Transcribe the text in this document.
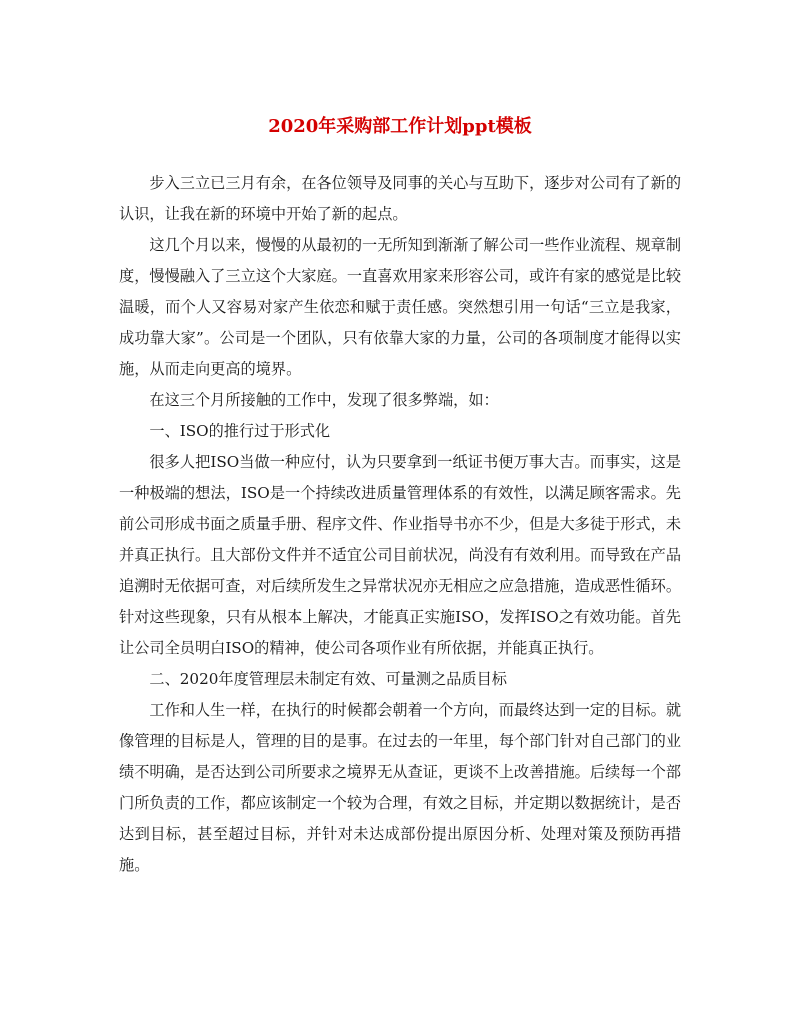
2020年采购部工作计划ppt模板

步入三立已三月有余，在各位领导及同事的关心与互助下，逐步对公司有了新的认识，让我在新的环境中开始了新的起点。

这几个月以来，慢慢的从最初的一无所知到渐渐了解公司一些作业流程、规章制度，慢慢融入了三立这个大家庭。一直喜欢用家来形容公司，或许有家的感觉是比较温暖，而个人又容易对家产生依恋和赋于责任感。突然想引用一句话“三立是我家，成功靠大家”。公司是一个团队，只有依靠大家的力量，公司的各项制度才能得以实施，从而走向更高的境界。

在这三个月所接触的工作中，发现了很多弊端，如：

一、ISO的推行过于形式化

很多人把ISO当做一种应付，认为只要拿到一纸证书便万事大吉。而事实，这是一种极端的想法，ISO是一个持续改进质量管理体系的有效性，以满足顾客需求。先前公司形成书面之质量手册、程序文件、作业指导书亦不少，但是大多徒于形式，未并真正执行。且大部份文件并不适宜公司目前状况，尚没有有效利用。而导致在产品追溯时无依据可查，对后续所发生之异常状况亦无相应之应急措施，造成恶性循环。针对这些现象，只有从根本上解决，才能真正实施ISO，发挥ISO之有效功能。首先让公司全员明白ISO的精神，使公司各项作业有所依据，并能真正执行。

二、2020年度管理层未制定有效、可量测之品质目标

工作和人生一样，在执行的时候都会朝着一个方向，而最终达到一定的目标。就像管理的目标是人，管理的目的是事。在过去的一年里，每个部门针对自己部门的业绩不明确，是否达到公司所要求之境界无从查证，更谈不上改善措施。后续每一个部门所负责的工作，都应该制定一个较为合理，有效之目标，并定期以数据统计，是否达到目标，甚至超过目标，并针对未达成部份提出原因分析、处理对策及预防再措施。
